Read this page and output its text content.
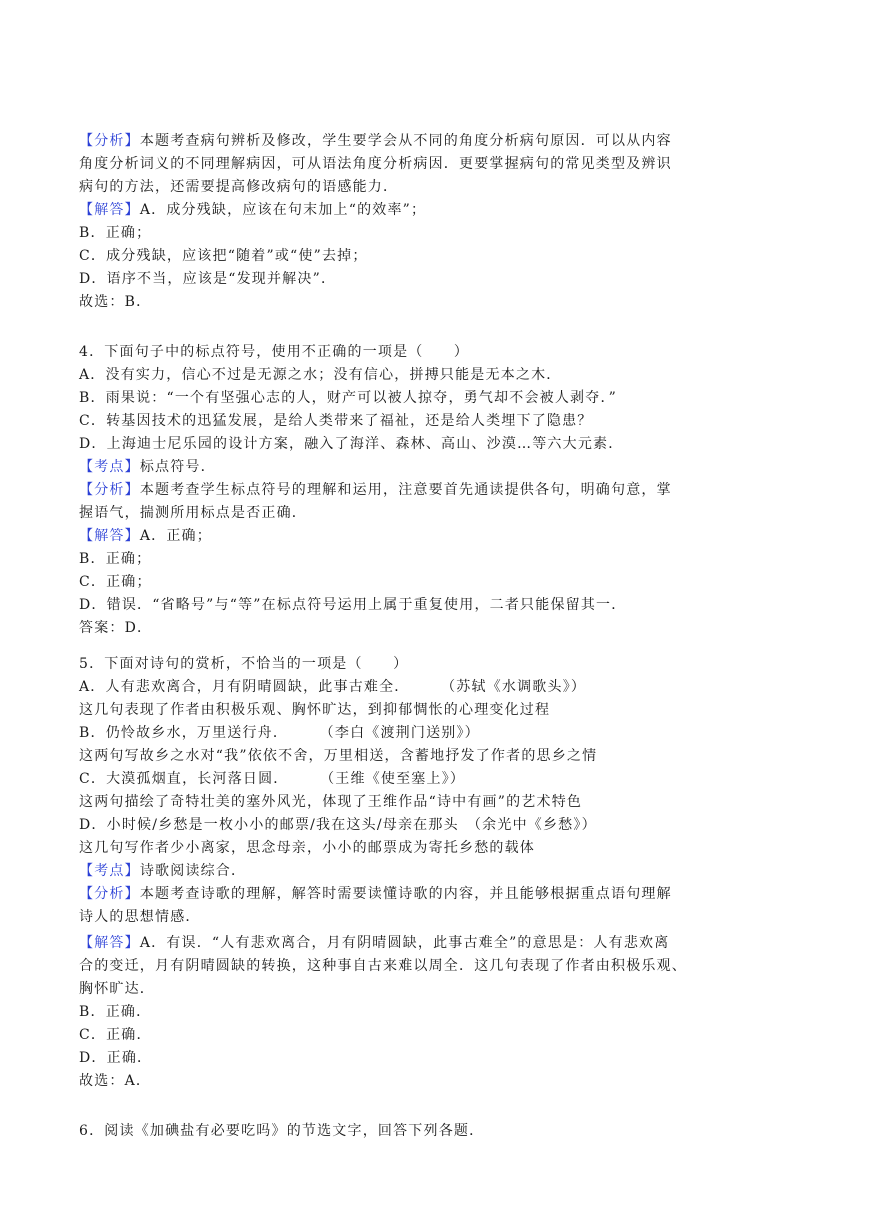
【分析】本题考查病句辨析及修改，学生要学会从不同的角度分析病句原因．可以从内容
角度分析词义的不同理解病因，可从语法角度分析病因．更要掌握病句的常见类型及辨识
病句的方法，还需要提高修改病句的语感能力．
【解答】A．成分残缺，应该在句末加上“的效率”；
B．正确；
C．成分残缺，应该把“随着”或“使”去掉；
D．语序不当，应该是“发现并解决”．
故选：B．
4．下面句子中的标点符号，使用不正确的一项是（　　）
A．没有实力，信心不过是无源之水；没有信心，拼搏只能是无本之木．
B．雨果说：“一个有坚强心志的人，财产可以被人掠夺，勇气却不会被人剥夺．”
C．转基因技术的迅猛发展，是给人类带来了福祉，还是给人类埋下了隐患？
D．上海迪士尼乐园的设计方案，融入了海洋、森林、高山、沙漠…等六大元素．
【考点】标点符号．
【分析】本题考查学生标点符号的理解和运用，注意要首先通读提供各句，明确句意，掌
握语气，揣测所用标点是否正确．
【解答】A．正确；
B．正确；
C．正确；
D．错误．“省略号”与“等”在标点符号运用上属于重复使用，二者只能保留其一．
答案：D．
5．下面对诗句的赏析，不恰当的一项是（　　）
A．人有悲欢离合，月有阴晴圆缺，此事古难全．　　　（苏轼《水调歌头》）
这几句表现了作者由积极乐观、胸怀旷达，到抑郁惆怅的心理变化过程
B．仍怜故乡水，万里送行舟．　　　（李白《渡荆门送别》）
这两句写故乡之水对“我”依依不舍，万里相送，含蓄地抒发了作者的思乡之情
C．大漠孤烟直，长河落日圆．　　　（王维《使至塞上》）
这两句描绘了奇特壮美的塞外风光，体现了王维作品“诗中有画”的艺术特色
D．小时候/乡愁是一枚小小的邮票/我在这头/母亲在那头　（余光中《乡愁》）
这几句写作者少小离家，思念母亲，小小的邮票成为寄托乡愁的载体
【考点】诗歌阅读综合．
【分析】本题考查诗歌的理解，解答时需要读懂诗歌的内容，并且能够根据重点语句理解
诗人的思想情感．
【解答】A．有误．“人有悲欢离合，月有阴晴圆缺，此事古难全”的意思是：人有悲欢离
合的变迁，月有阴晴圆缺的转换，这种事自古来难以周全．这几句表现了作者由积极乐观、
胸怀旷达．
B．正确．
C．正确．
D．正确．
故选：A．
6．阅读《加碘盐有必要吃吗》的节选文字，回答下列各题．
